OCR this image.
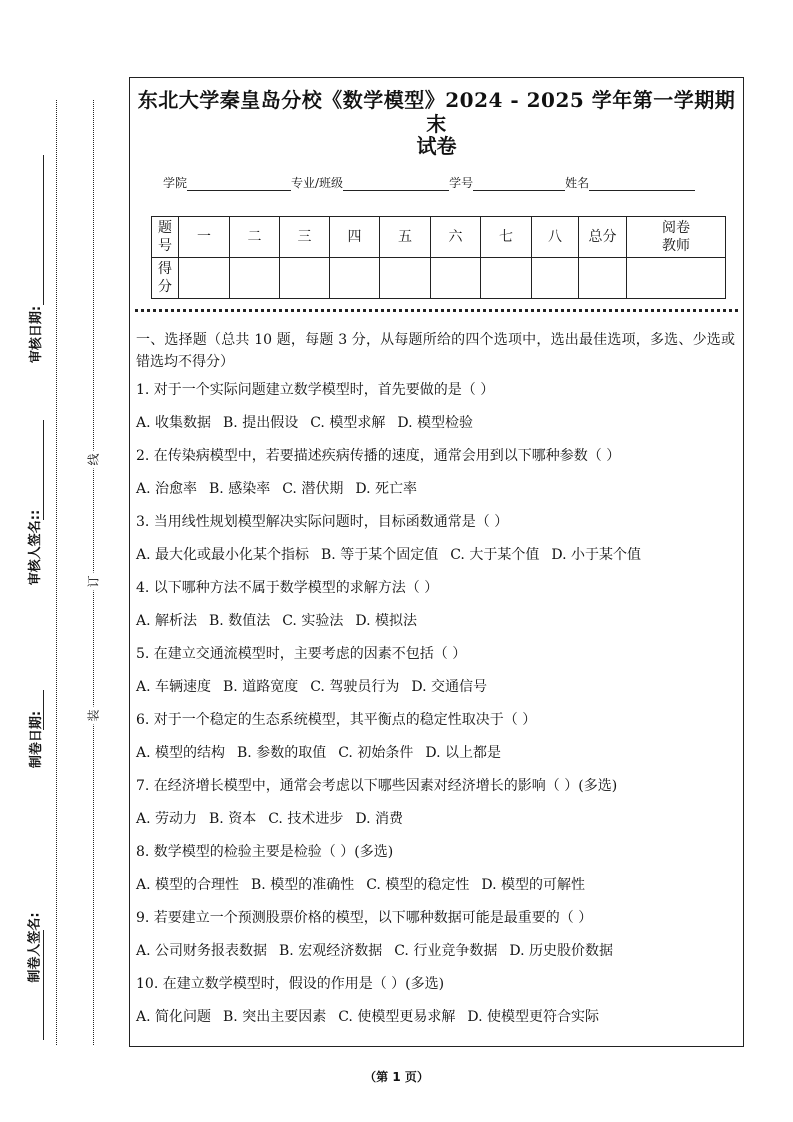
制卷人签名:
制卷日期:
审核人签名::
审核日期:
装
订
线
东北大学秦皇岛分校《数学模型》2024 - 2025 学年第一学期期末
试卷
学院	专业/班级	学号	姓名
题号	一	二	三	四	五	六	七	八	总分	阅卷教师
得分										
一、选择题（总共 10 题，每题 3 分，从每题所给的四个选项中，选出最佳选项，多选、少选或错选均不得分）
1. 对于一个实际问题建立数学模型时，首先要做的是（ ）
A. 收集数据 B. 提出假设 C. 模型求解 D. 模型检验
2. 在传染病模型中，若要描述疾病传播的速度，通常会用到以下哪种参数（ ）
A. 治愈率 B. 感染率 C. 潜伏期 D. 死亡率
3. 当用线性规划模型解决实际问题时，目标函数通常是（ ）
A. 最大化或最小化某个指标 B. 等于某个固定值 C. 大于某个值 D. 小于某个值
4. 以下哪种方法不属于数学模型的求解方法（ ）
A. 解析法 B. 数值法 C. 实验法 D. 模拟法
5. 在建立交通流模型时，主要考虑的因素不包括（ ）
A. 车辆速度 B. 道路宽度 C. 驾驶员行为 D. 交通信号
6. 对于一个稳定的生态系统模型，其平衡点的稳定性取决于（ ）
A. 模型的结构 B. 参数的取值 C. 初始条件 D. 以上都是
7. 在经济增长模型中，通常会考虑以下哪些因素对经济增长的影响（ ）(多选)
A. 劳动力 B. 资本 C. 技术进步 D. 消费
8. 数学模型的检验主要是检验（ ）(多选)
A. 模型的合理性 B. 模型的准确性 C. 模型的稳定性 D. 模型的可解性
9. 若要建立一个预测股票价格的模型，以下哪种数据可能是最重要的（ ）
A. 公司财务报表数据 B. 宏观经济数据 C. 行业竞争数据 D. 历史股价数据
10. 在建立数学模型时，假设的作用是（ ）(多选)
A. 简化问题 B. 突出主要因素 C. 使模型更易求解 D. 使模型更符合实际
（第 1 页）
